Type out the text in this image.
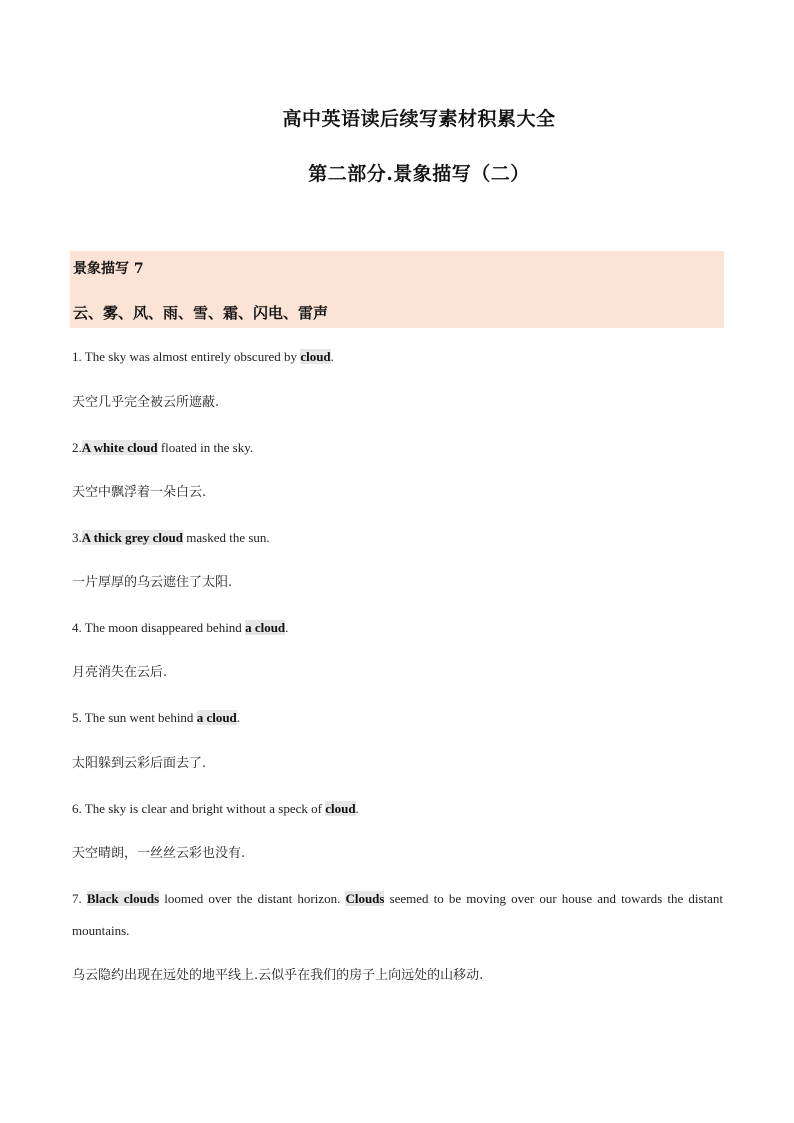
高中英语读后续写素材积累大全
第二部分.景象描写（二）
景象描写 7
云、雾、风、雨、雪、霜、闪电、雷声

1. The sky was almost entirely obscured by cloud.

天空几乎完全被云所遮蔽.

2.A white cloud floated in the sky.

天空中飘浮着一朵白云.

3.A thick grey cloud masked the sun.

一片厚厚的乌云遮住了太阳.

4. The moon disappeared behind a cloud.

月亮消失在云后.

5. The sun went behind a cloud.

太阳躲到云彩后面去了.

6. The sky is clear and bright without a speck of cloud.

天空晴朗，一丝丝云彩也没有.

7. Black clouds loomed over the distant horizon. Clouds seemed to be moving over our house and towards the distant mountains.

乌云隐约出现在远处的地平线上.云似乎在我们的房子上向远处的山移动.
